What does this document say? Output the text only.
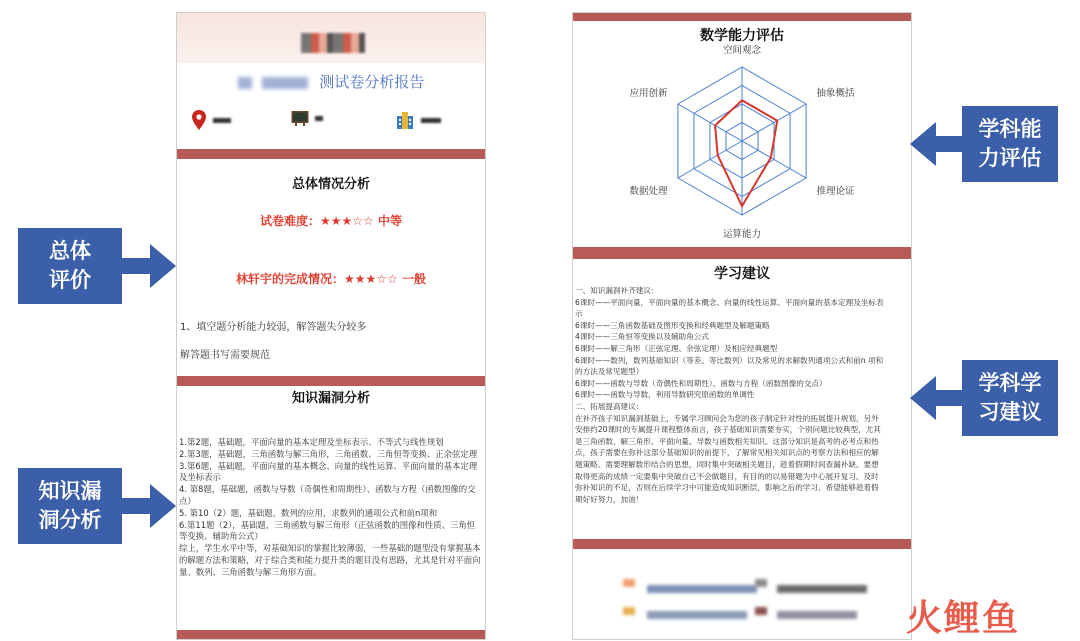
测试卷分析报告
总体情况分析
试卷难度：★★★☆☆ 中等
林轩宇的完成情况：★★★☆☆ 一般
1、填空题分析能力较弱，解答题失分较多
解答题书写需要规范
知识漏洞分析
1.第2题，基础题，平面向量的基本定理及坐标表示、不等式与线性规划
2.第3题，基础题，三角函数与解三角形，三角函数、三角恒等变换、正余弦定理
3.第6题，基础题，平面向量的基本概念、向量的线性运算、平面向量的基本定理
及坐标表示
4. 第8题，基础题，函数与导数（奇偶性和周期性）、函数与方程（函数图像的交
点）
5. 第10（2）题，基础题，数列的应用，求数列的通项公式和前n项和
6.第11题（2），基础题，三角函数与解三角形（正弦函数的图像和性质、三角恒
等变换、辅助角公式）
综上，学生水平中等，对基础知识的掌握比较薄弱，一些基础的题型没有掌握基本
的解题方法和策略，对于综合类和能力提升类的题目没有思路，尤其是针对平面向
量、数列、三角函数与解三角形方面。
数学能力评估
空间观念
抽象概括
推理论证
运算能力
数据处理
应用创新
学习建议
一、知识漏洞补齐建议：
6课时——平面向量，平面向量的基本概念、向量的线性运算、平面向量的基本定理及坐标表
示
6课时——三角函数基础及图形变换和经典题型及解题策略
4课时——三角恒等变换以及辅助角公式
6课时——解三角形（正弦定理、余弦定理）及相应经典题型
6课时——数列，数列基础知识（等差、等比数列）以及常见的求解数列通项公式和前n 项和
的方法及常见题型）
6课时——函数与导数（奇偶性和周期性）、函数与方程（函数图像的交点）
6课时——函数与导数，利用导数研究原函数的单调性
二、拓展提高建议：
在补齐孩子知识漏洞基础上，专属学习顾问会为您的孩子制定针对性的拓展提升规划，另外
安排约20课时的专属提升课程整体而言，孩子基础知识需要夯实，个别问题比较典型，尤其
是三角函数、解三角形、平面向量、导数与函数相关知识。这部分知识是高考的必考点和热
点，孩子需要在弥补这部分基础知识的前提下，了解常见相关知识点的考察方法和相应的解
题策略。需要理解数形结合的思想，同时集中突破相关题目，趁着假期时间查漏补缺。要想
取得更高的成绩一定要集中突破自己不会做题目，有目的的以易错题为中心展开复习。及时
弥补知识的不足，否则在后续学习中可能造成知识断层，影响之后的学习。希望能够趁着假
期好好努力，加油！
总体
评价
知识漏
洞分析
学科能
力评估
学科学
习建议
火鲤鱼
